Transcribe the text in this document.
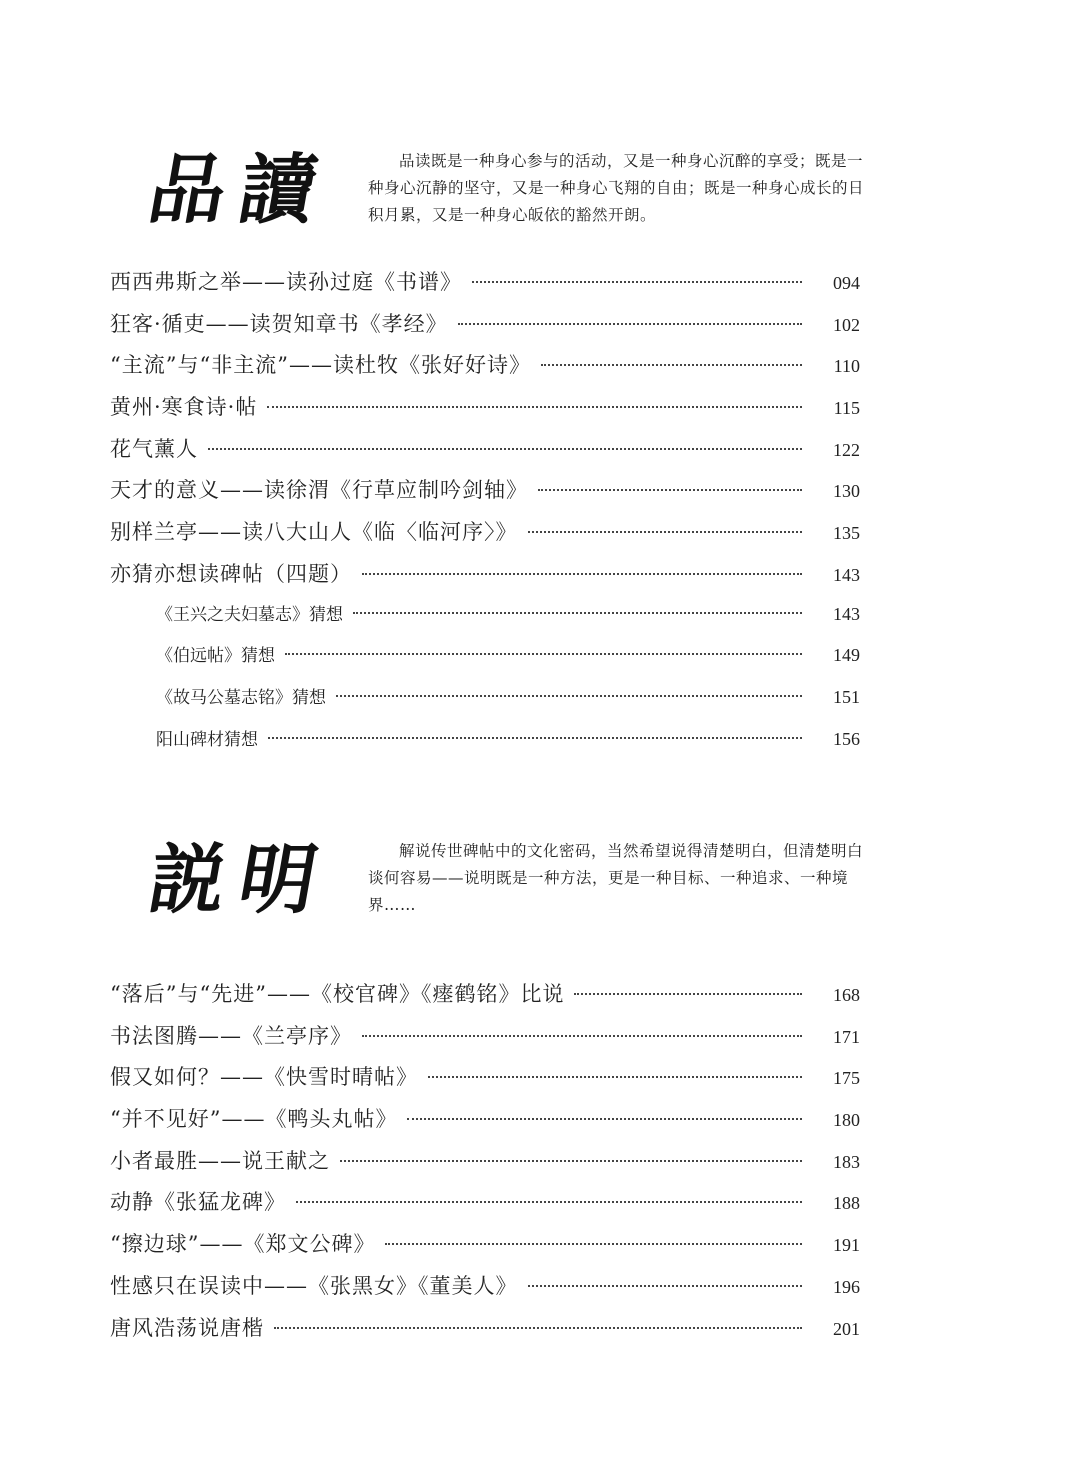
品讀	品读既是一种身心参与的活动，又是一种身心沉醉的享受；既是一种身心沉静的坚守，又是一种身心飞翔的自由；既是一种身心成长的日积月累，又是一种身心皈依的豁然开朗。
西西弗斯之举——读孙过庭《书谱》	094
狂客·循吏——读贺知章书《孝经》	102
“主流”与“非主流”——读杜牧《张好好诗》	110
黄州·寒食诗·帖	115
花气薰人	122
天才的意义——读徐渭《行草应制吟剑轴》	130
别样兰亭——读八大山人《临〈临河序〉》	135
亦猜亦想读碑帖（四题）	143
《王兴之夫妇墓志》猜想	143
《伯远帖》猜想	149
《故马公墓志铭》猜想	151
阳山碑材猜想	156
説明	解说传世碑帖中的文化密码，当然希望说得清楚明白，但清楚明白谈何容易——说明既是一种方法，更是一种目标、一种追求、一种境界……
“落后”与“先进”——《校官碑》《瘗鹤铭》比说	168
书法图腾——《兰亭序》	171
假又如何？——《快雪时晴帖》	175
“并不见好”——《鸭头丸帖》	180
小者最胜——说王献之	183
动静《张猛龙碑》	188
“擦边球”——《郑文公碑》	191
性感只在误读中——《张黑女》《董美人》	196
唐风浩荡说唐楷	201
